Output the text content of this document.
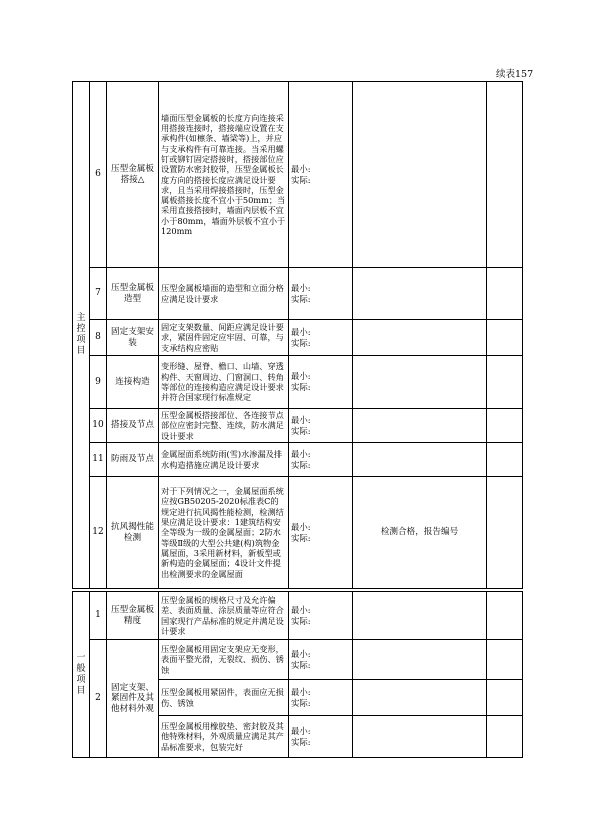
续表157
主
控
项
目	6	压型金属板搭接△	墙面压型金属板的长度方向连接采用搭接连接时，搭接端应设置在支承构件(如檩条、墙梁等)上，并应与支承构件有可靠连接。当采用螺钉或铆钉固定搭接时，搭接部位应设置防水密封胶带，压型金属板长度方向的搭接长度应满足设计要求，且当采用焊接搭接时，压型金属板搭接长度不宜小于50mm；当采用直接搭接时，墙面内层板不宜小于80mm，墙面外层板不宜小于120mm	最小:
实际:		
	7	压型金属板造型	压型金属板墙面的造型和立面分格应满足设计要求	最小:
实际:		
	8	固定支架安装	固定支架数量、间距应满足设计要求，紧固件固定应牢固、可靠，与支承结构应密贴	最小:
实际:		
	9	连接构造	变形缝、屋脊、檐口、山墙、穿透构件、天窗周边、门窗洞口、转角等部位的连接构造应满足设计要求并符合国家现行标准规定	最小:
实际:		
	10	搭接及节点	压型金属板搭接部位、各连接节点部位应密封完整、连续，防水满足设计要求	最小:
实际:		
	11	防雨及节点	金属屋面系统防雨(雪)水渗漏及排水构造措施应满足设计要求	最小:
实际:		
	12	抗风揭性能检测	对于下列情况之一，金属屋面系统应按GB50205-2020标准表C的规定进行抗风揭性能检测，检测结果应满足设计要求：1建筑结构安全等级为一级的金属屋面；2防水等级Ⅱ级的大型公共建(构)筑物金属屋面，3采用新材料，新板型或新构造的金属屋面；4设计文件提出检测要求的金属屋面	最小:
实际:	检测合格，报告编号	

一
般
项
目	1	压型金属板精度	压型金属板的规格尺寸及允许偏差、表面质量、涂层质量等应符合国家现行产品标准的规定并满足设计要求	最小:
实际:		
	2	固定支架、紧固件及其他材料外观	压型金属板用固定支架应无变形，表面平整光滑，无裂纹、损伤、锈蚀	最小:
实际:		
			压型金属板用紧固件，表面应无损伤、锈蚀	最小:
实际:		
			压型金属板用橡胶垫、密封胶及其他特殊材料，外观质量应满足其产品标准要求，包装完好	最小:
实际:		
